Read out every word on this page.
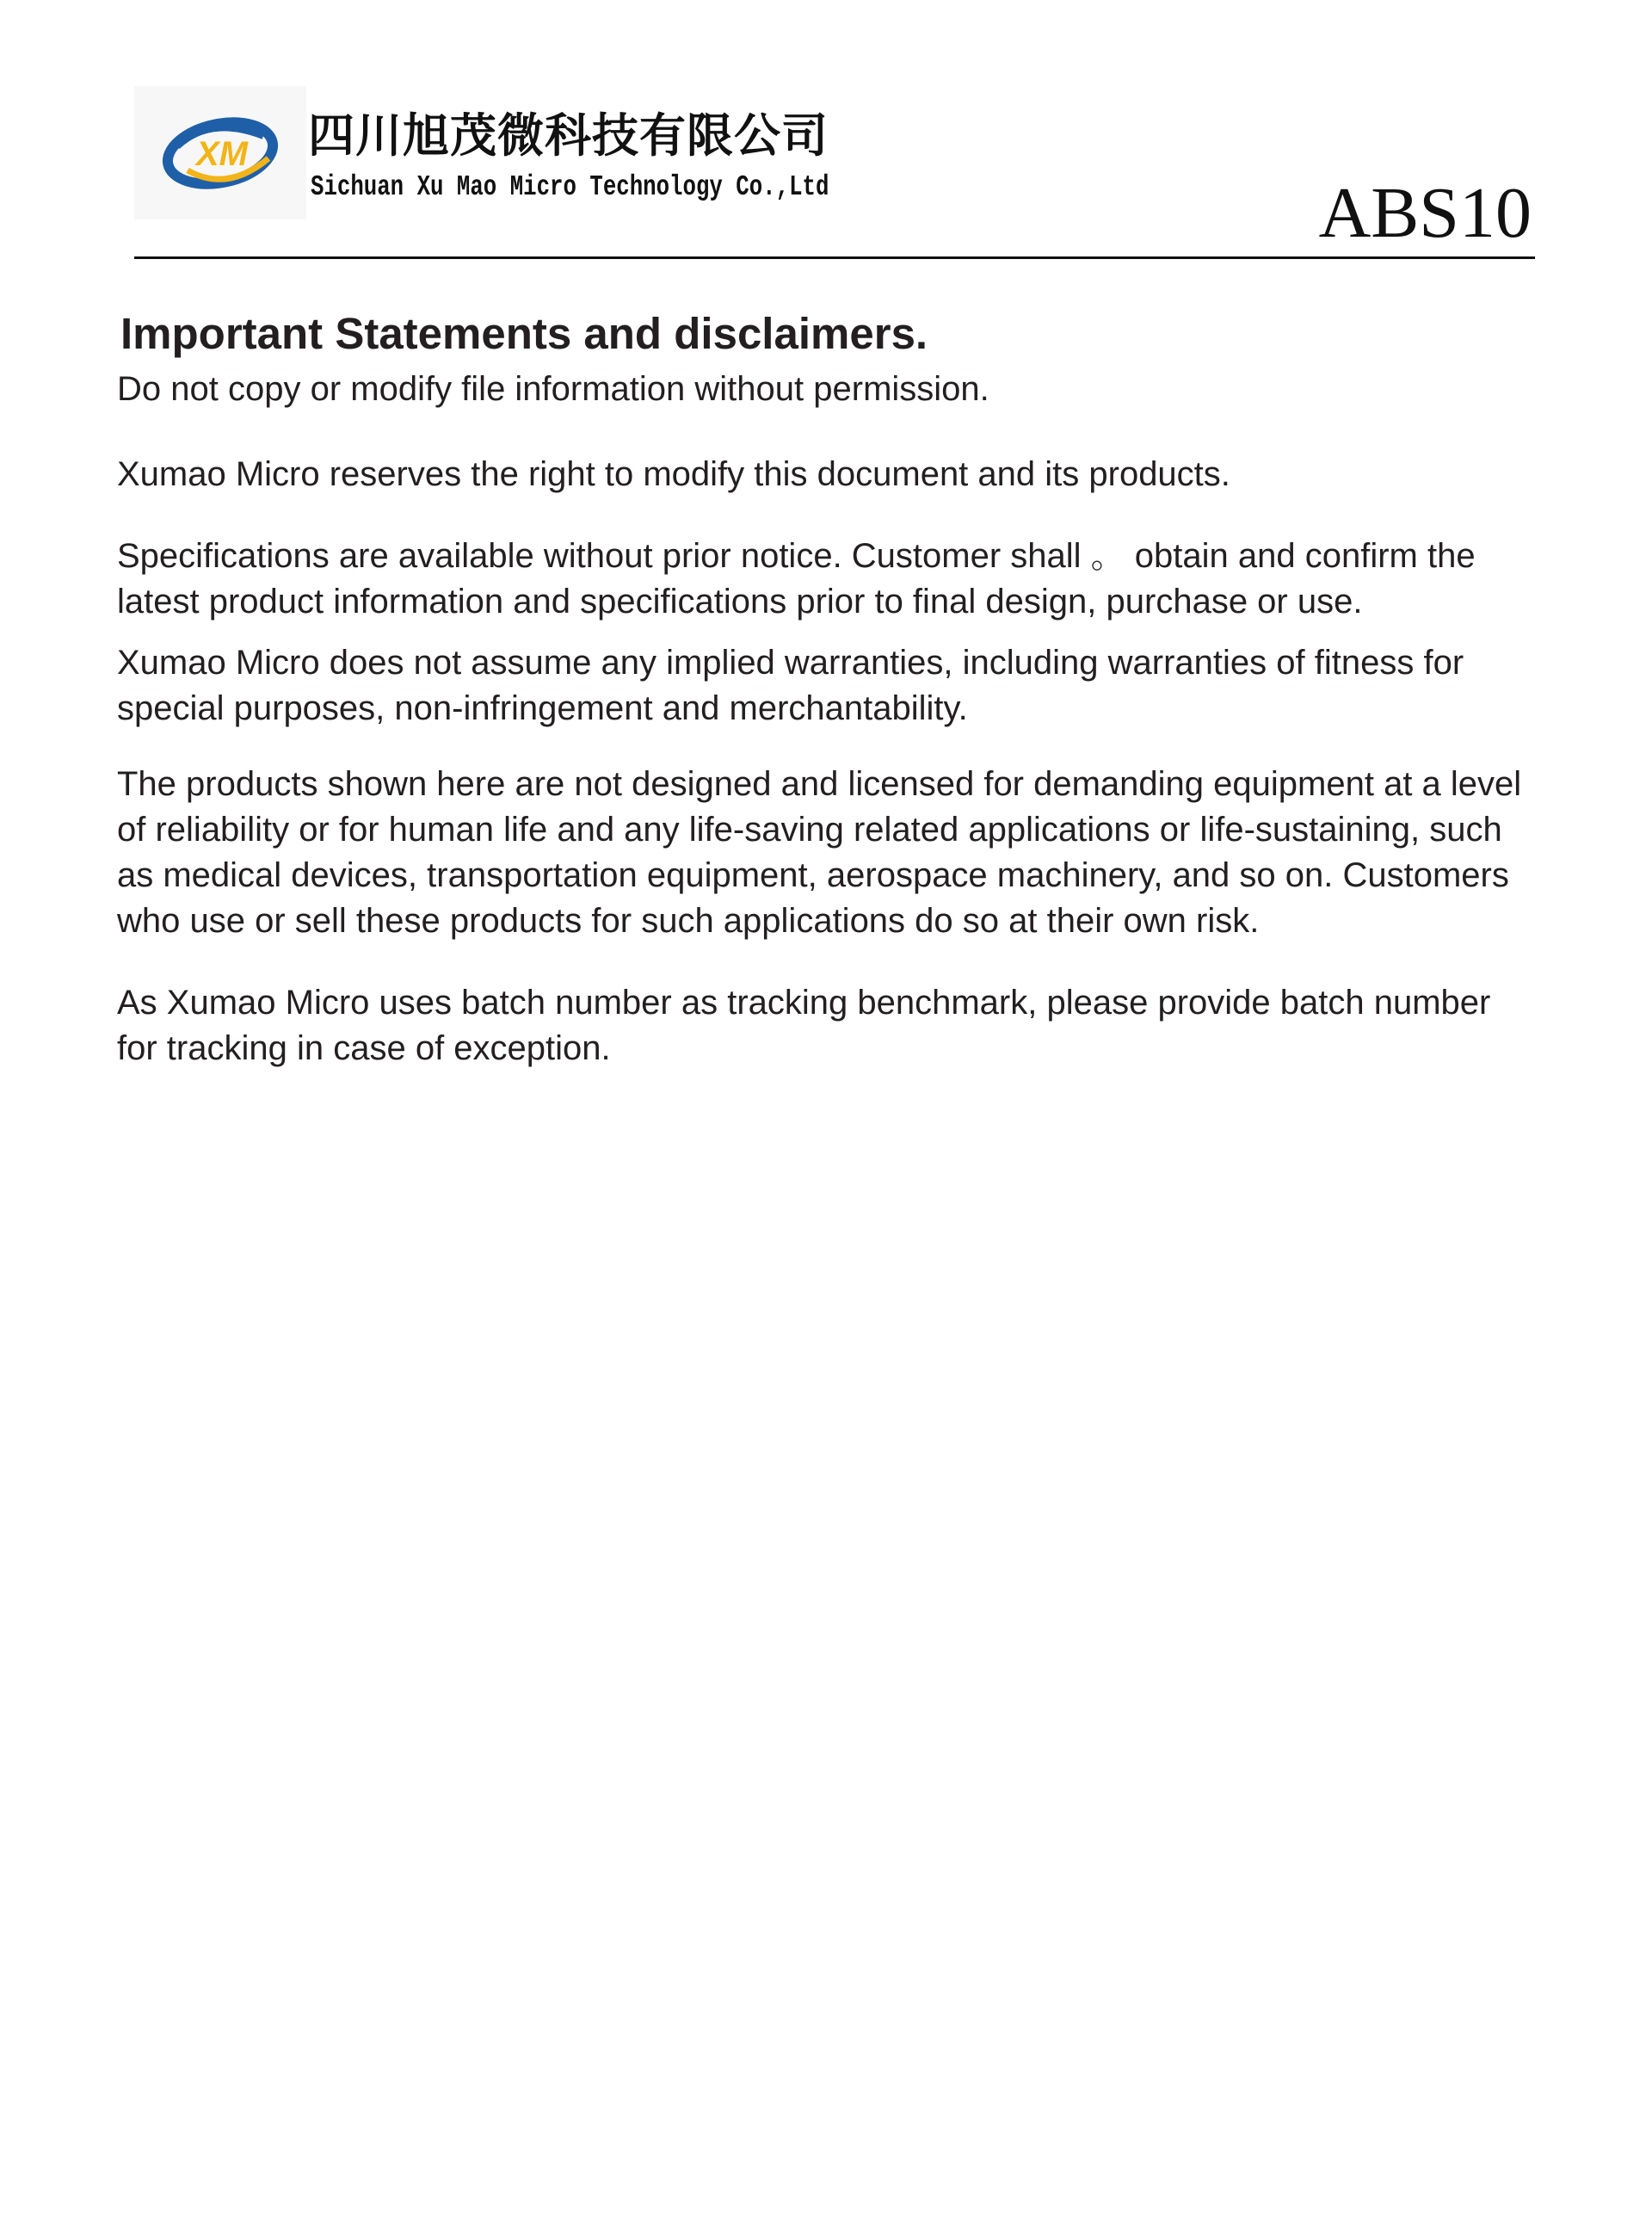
XM 四川旭茂微科技有限公司
Sichuan Xu Mao Micro Technology Co.,Ltd	ABS10
Important Statements and disclaimers.

Do not copy or modify file information without permission.

Xumao Micro reserves the right to modify this document and its products.

Specifications are available without prior notice. Customer shall 。 obtain and confirm the latest product information and specifications prior to final design, purchase or use.

Xumao Micro does not assume any implied warranties, including warranties of fitness for special purposes, non-infringement and merchantability.

The products shown here are not designed and licensed for demanding equipment at a level of reliability or for human life and any life-saving related applications or life-sustaining, such as medical devices, transportation equipment, aerospace machinery, and so on. Customers who use or sell these products for such applications do so at their own risk.

As Xumao Micro uses batch number as tracking benchmark, please provide batch number for tracking in case of exception.
